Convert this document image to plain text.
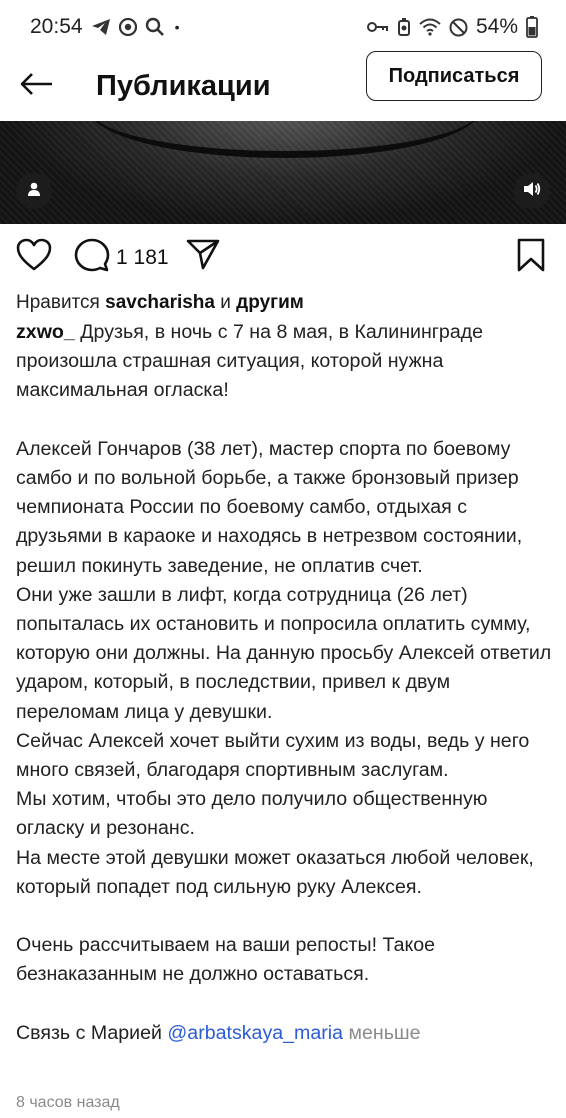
20:54	•	54%
Публикации	Подписаться
1 181
Нравится savcharisha и другим

zxwo_ Друзья, в ночь с 7 на 8 мая, в Калининграде произошла страшная ситуация, которой нужна максимальная огласка!

Алексей Гончаров (38 лет), мастер спорта по боевому самбо и по вольной борьбе, а также бронзовый призер чемпионата России по боевому самбо, отдыхая с друзьями в караоке и находясь в нетрезвом состоянии, решил покинуть заведение, не оплатив счет.

Они уже зашли в лифт, когда сотрудница (26 лет) попыталась их остановить и попросила оплатить сумму, которую они должны. На данную просьбу Алексей ответил ударом, который, в последствии, привел к двум переломам лица у девушки.

Сейчас Алексей хочет выйти сухим из воды, ведь у него много связей, благодаря спортивным заслугам.

Мы хотим, чтобы это дело получило общественную огласку и резонанс.

На месте этой девушки может оказаться любой человек, который попадет под сильную руку Алексея.

Очень рассчитываем на ваши репосты! Такое безнаказанным не должно оставаться.

Связь с Марией @arbatskaya_maria меньше

8 часов назад
